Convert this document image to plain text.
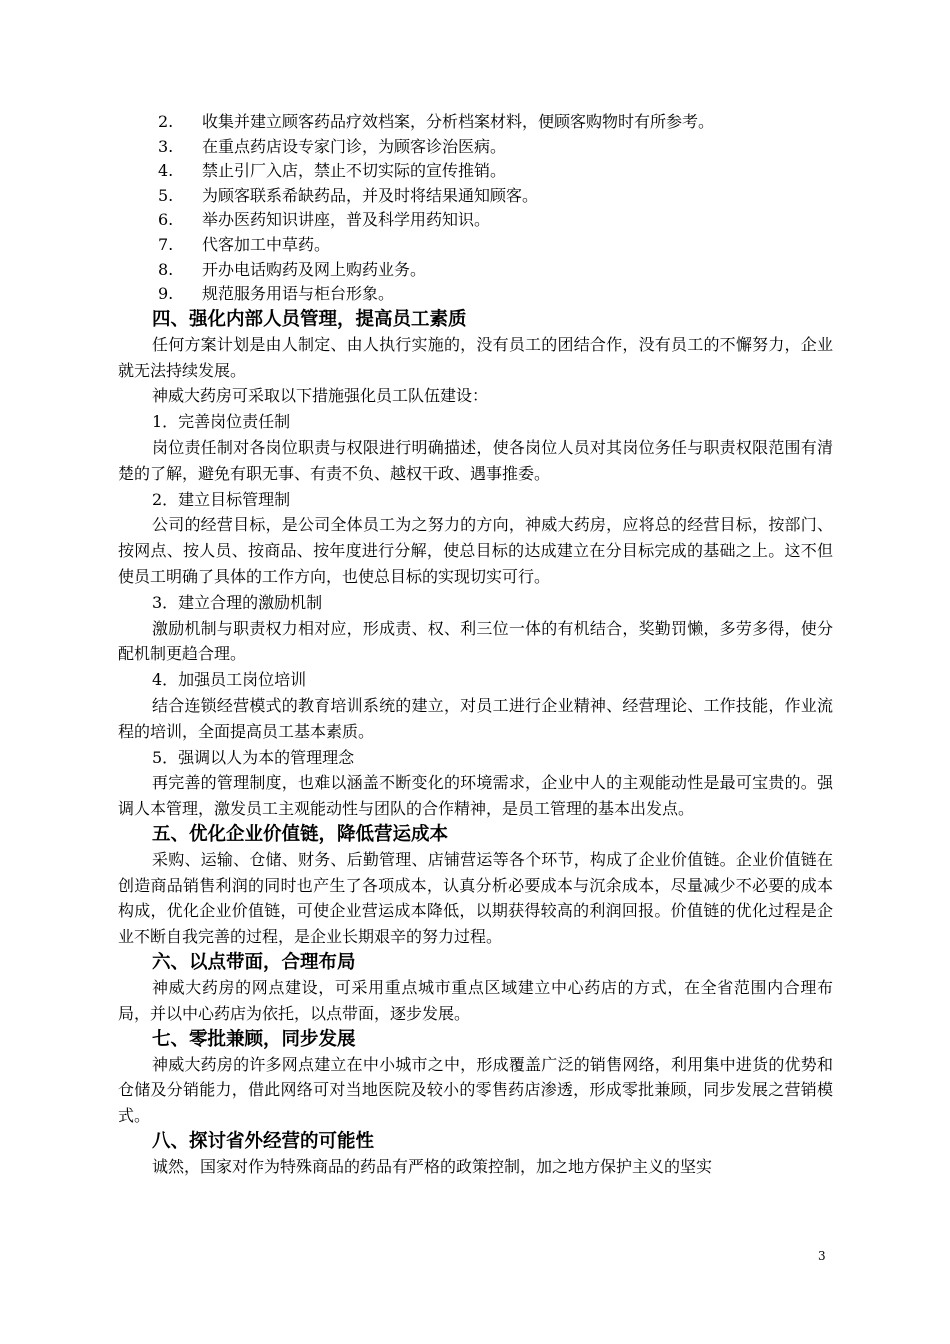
2.	收集并建立顾客药品疗效档案，分析档案材料，便顾客购物时有所参考。
3.	在重点药店设专家门诊，为顾客诊治医病。
4.	禁止引厂入店，禁止不切实际的宣传推销。
5.	为顾客联系希缺药品，并及时将结果通知顾客。
6.	举办医药知识讲座，普及科学用药知识。
7.	代客加工中草药。
8.	开办电话购药及网上购药业务。
9.	规范服务用语与柜台形象。
四、强化内部人员管理，提高员工素质

任何方案计划是由人制定、由人执行实施的，没有员工的团结合作，没有员工的不懈努力，企业就无法持续发展。

神威大药房可采取以下措施强化员工队伍建设：

1．完善岗位责任制

岗位责任制对各岗位职责与权限进行明确描述，使各岗位人员对其岗位务任与职责权限范围有清楚的了解，避免有职无事、有责不负、越权干政、遇事推委。

2．建立目标管理制

公司的经营目标，是公司全体员工为之努力的方向，神威大药房，应将总的经营目标，按部门、按网点、按人员、按商品、按年度进行分解，使总目标的达成建立在分目标完成的基础之上。这不但使员工明确了具体的工作方向，也使总目标的实现切实可行。

3．建立合理的激励机制

激励机制与职责权力相对应，形成责、权、利三位一体的有机结合，奖勤罚懒，多劳多得，使分配机制更趋合理。

4．加强员工岗位培训

结合连锁经营模式的教育培训系统的建立，对员工进行企业精神、经营理论、工作技能，作业流程的培训，全面提高员工基本素质。

5．强调以人为本的管理理念

再完善的管理制度，也难以涵盖不断变化的环境需求，企业中人的主观能动性是最可宝贵的。强调人本管理，激发员工主观能动性与团队的合作精神，是员工管理的基本出发点。

五、优化企业价值链，降低营运成本

采购、运输、仓储、财务、后勤管理、店铺营运等各个环节，构成了企业价值链。企业价值链在创造商品销售利润的同时也产生了各项成本，认真分析必要成本与沉余成本，尽量减少不必要的成本构成，优化企业价值链，可使企业营运成本降低，以期获得较高的利润回报。价值链的优化过程是企业不断自我完善的过程，是企业长期艰辛的努力过程。

六、以点带面，合理布局

神威大药房的网点建设，可采用重点城市重点区域建立中心药店的方式，在全省范围内合理布局，并以中心药店为依托，以点带面，逐步发展。

七、零批兼顾，同步发展

神威大药房的许多网点建立在中小城市之中，形成覆盖广泛的销售网络，利用集中进货的优势和仓储及分销能力，借此网络可对当地医院及较小的零售药店渗透，形成零批兼顾，同步发展之营销模式。

八、探讨省外经营的可能性

诚然，国家对作为特殊商品的药品有严格的政策控制，加之地方保护主义的坚实

3
